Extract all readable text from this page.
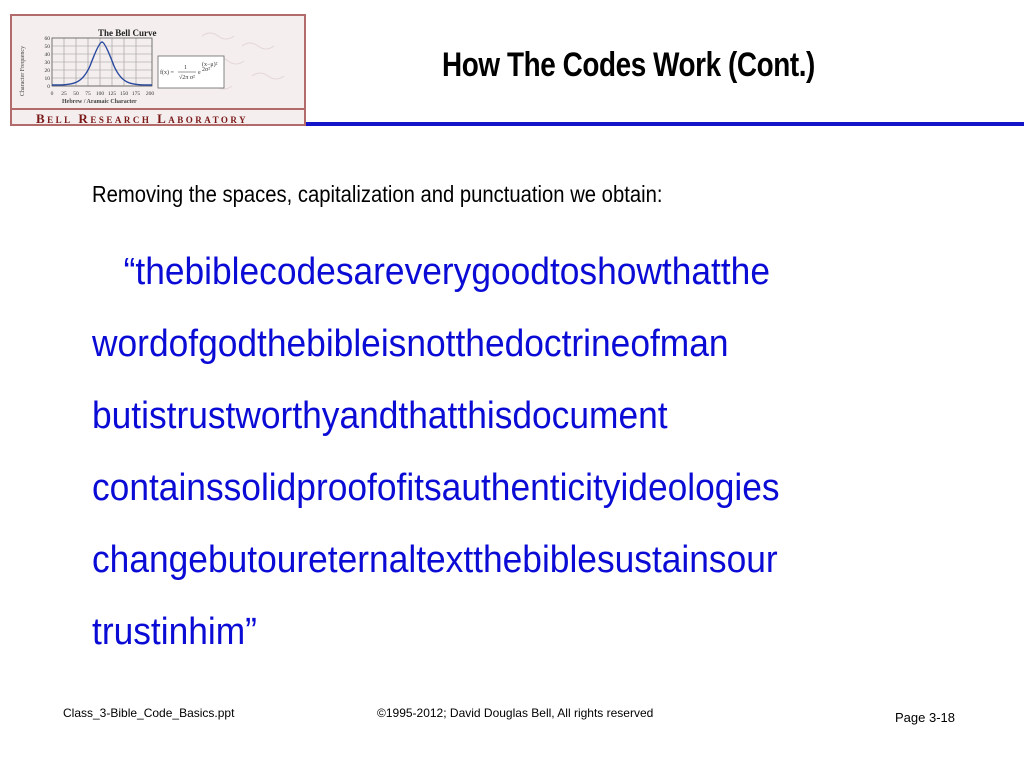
f(x) =
1
√2π σ²
e
(x−μ)²
2σ²
60
50
40
30
20
10
0
0 25 50 75 100 125 150 175 200
The Bell Curve
Character Frequency
Hebrew / Aramaic Character
Bell Research Laboratory
How The Codes Work (Cont.)
Removing the spaces, capitalization and punctuation we obtain:
“thebiblecodesareverygoodtoshowthatthe
wordofgodthebibleisnotthedoctrineofman
butistrustworthyandthatthisdocument
containssolidproofofitsauthenticityideologies
changebutoureternaltextthebiblesustainsour
trustinhim”
Class_3-Bible_Code_Basics.ppt	©1995-2012; David Douglas Bell, All rights reserved	Page 3-18
